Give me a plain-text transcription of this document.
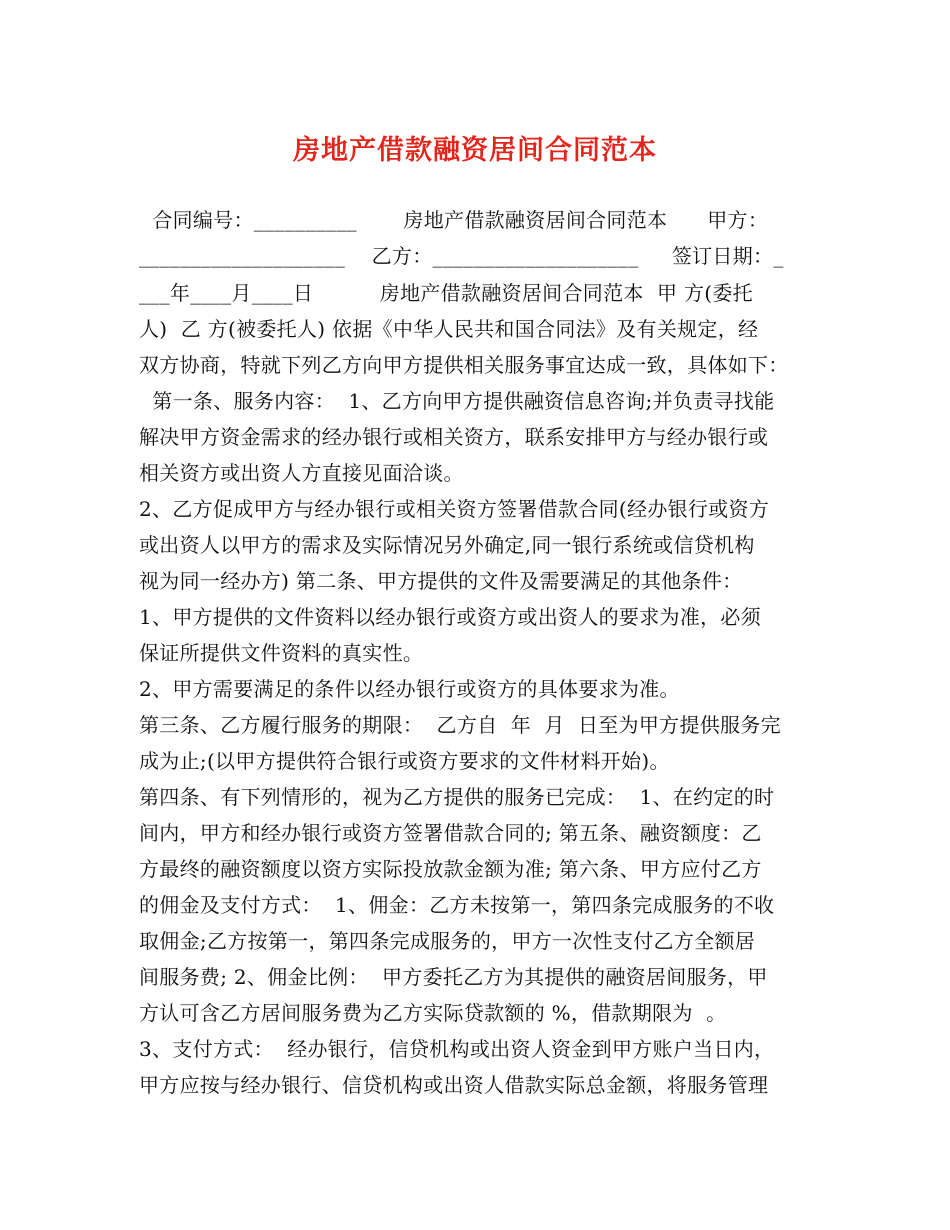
房地产借款融资居间合同范本
合同编号：__________       房地产借款融资居间合同范本      甲方：
____________________    乙方：____________________     签订日期：_
___年____月____日          房地产借款融资居间合同范本  甲 方(委托
人)  乙 方(被委托人) 依据《中华人民共和国合同法》及有关规定，经
双方协商，特就下列乙方向甲方提供相关服务事宜达成一致，具体如下：
第一条、服务内容：  1、乙方向甲方提供融资信息咨询;并负责寻找能
解决甲方资金需求的经办银行或相关资方，联系安排甲方与经办银行或
相关资方或出资人方直接见面洽谈。
2、乙方促成甲方与经办银行或相关资方签署借款合同(经办银行或资方
或出资人以甲方的需求及实际情况另外确定,同一银行系统或信贷机构
视为同一经办方) 第二条、甲方提供的文件及需要满足的其他条件：
1、甲方提供的文件资料以经办银行或资方或出资人的要求为准，必须
保证所提供文件资料的真实性。
2、甲方需要满足的条件以经办银行或资方的具体要求为准。
第三条、乙方履行服务的期限：  乙方自  年  月  日至为甲方提供服务完
成为止;(以甲方提供符合银行或资方要求的文件材料开始)。
第四条、有下列情形的，视为乙方提供的服务已完成：  1、在约定的时
间内，甲方和经办银行或资方签署借款合同的; 第五条、融资额度：乙
方最终的融资额度以资方实际投放款金额为准; 第六条、甲方应付乙方
的佣金及支付方式：  1、佣金：乙方未按第一，第四条完成服务的不收
取佣金;乙方按第一，第四条完成服务的，甲方一次性支付乙方全额居
间服务费; 2、佣金比例：  甲方委托乙方为其提供的融资居间服务，甲
方认可含乙方居间服务费为乙方实际贷款额的 %，借款期限为  。
3、支付方式：  经办银行，信贷机构或出资人资金到甲方账户当日内，
甲方应按与经办银行、信贷机构或出资人借款实际总金额，将服务管理
